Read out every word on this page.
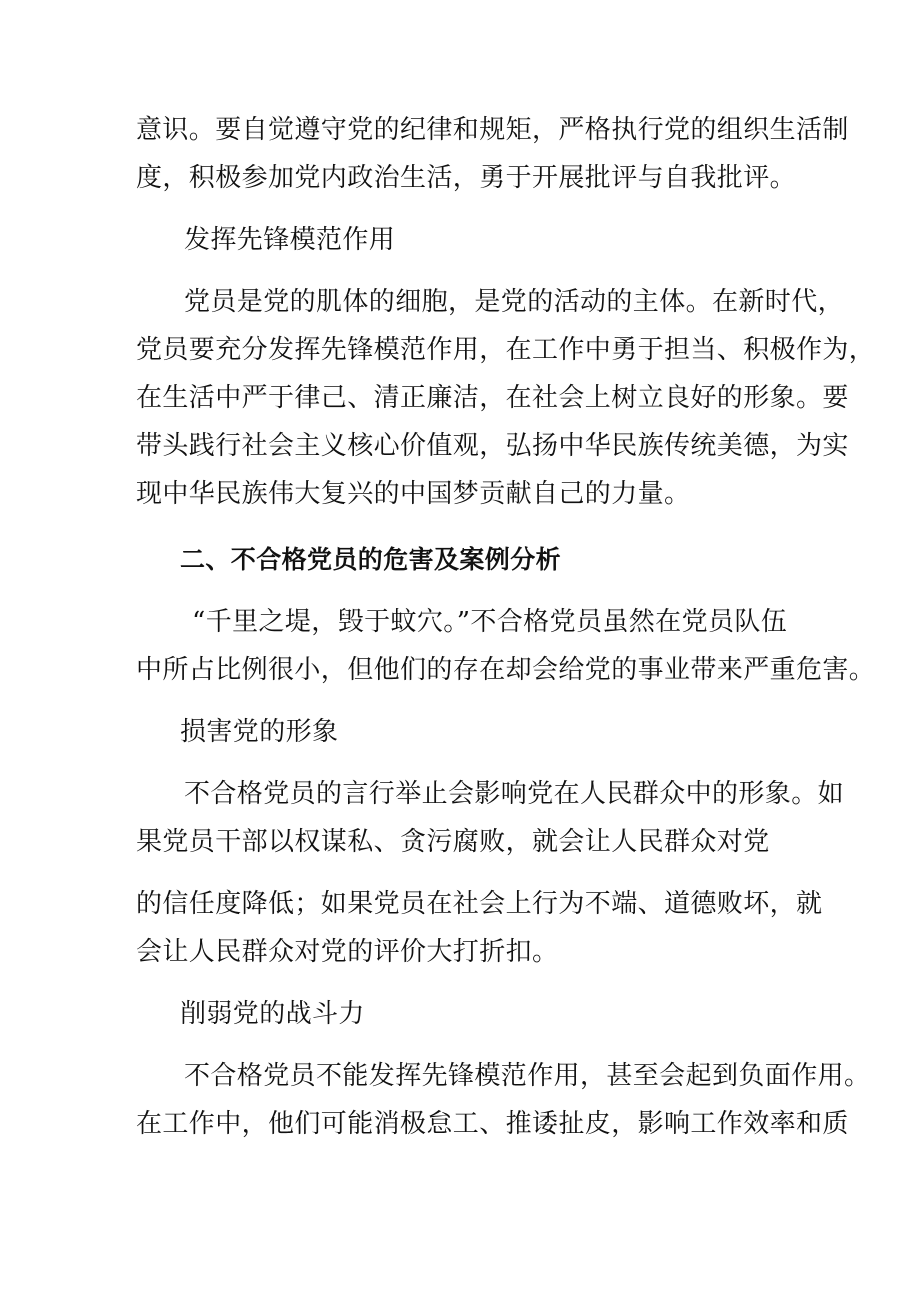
意识。要自觉遵守党的纪律和规矩，严格执行党的组织生活制
度，积极参加党内政治生活，勇于开展批评与自我批评。
发挥先锋模范作用
党员是党的肌体的细胞，是党的活动的主体。在新时代，
党员要充分发挥先锋模范作用，在工作中勇于担当、积极作为，
在生活中严于律己、清正廉洁，在社会上树立良好的形象。要
带头践行社会主义核心价值观，弘扬中华民族传统美德，为实
现中华民族伟大复兴的中国梦贡献自己的力量。
二、不合格党员的危害及案例分析
“千里之堤，毁于蚊穴。”不合格党员虽然在党员队伍
中所占比例很小，但他们的存在却会给党的事业带来严重危害。
损害党的形象
不合格党员的言行举止会影响党在人民群众中的形象。如
果党员干部以权谋私、贪污腐败，就会让人民群众对党
的信任度降低；如果党员在社会上行为不端、道德败坏，就
会让人民群众对党的评价大打折扣。
削弱党的战斗力
不合格党员不能发挥先锋模范作用，甚至会起到负面作用。
在工作中，他们可能消极怠工、推诿扯皮，影响工作效率和质
